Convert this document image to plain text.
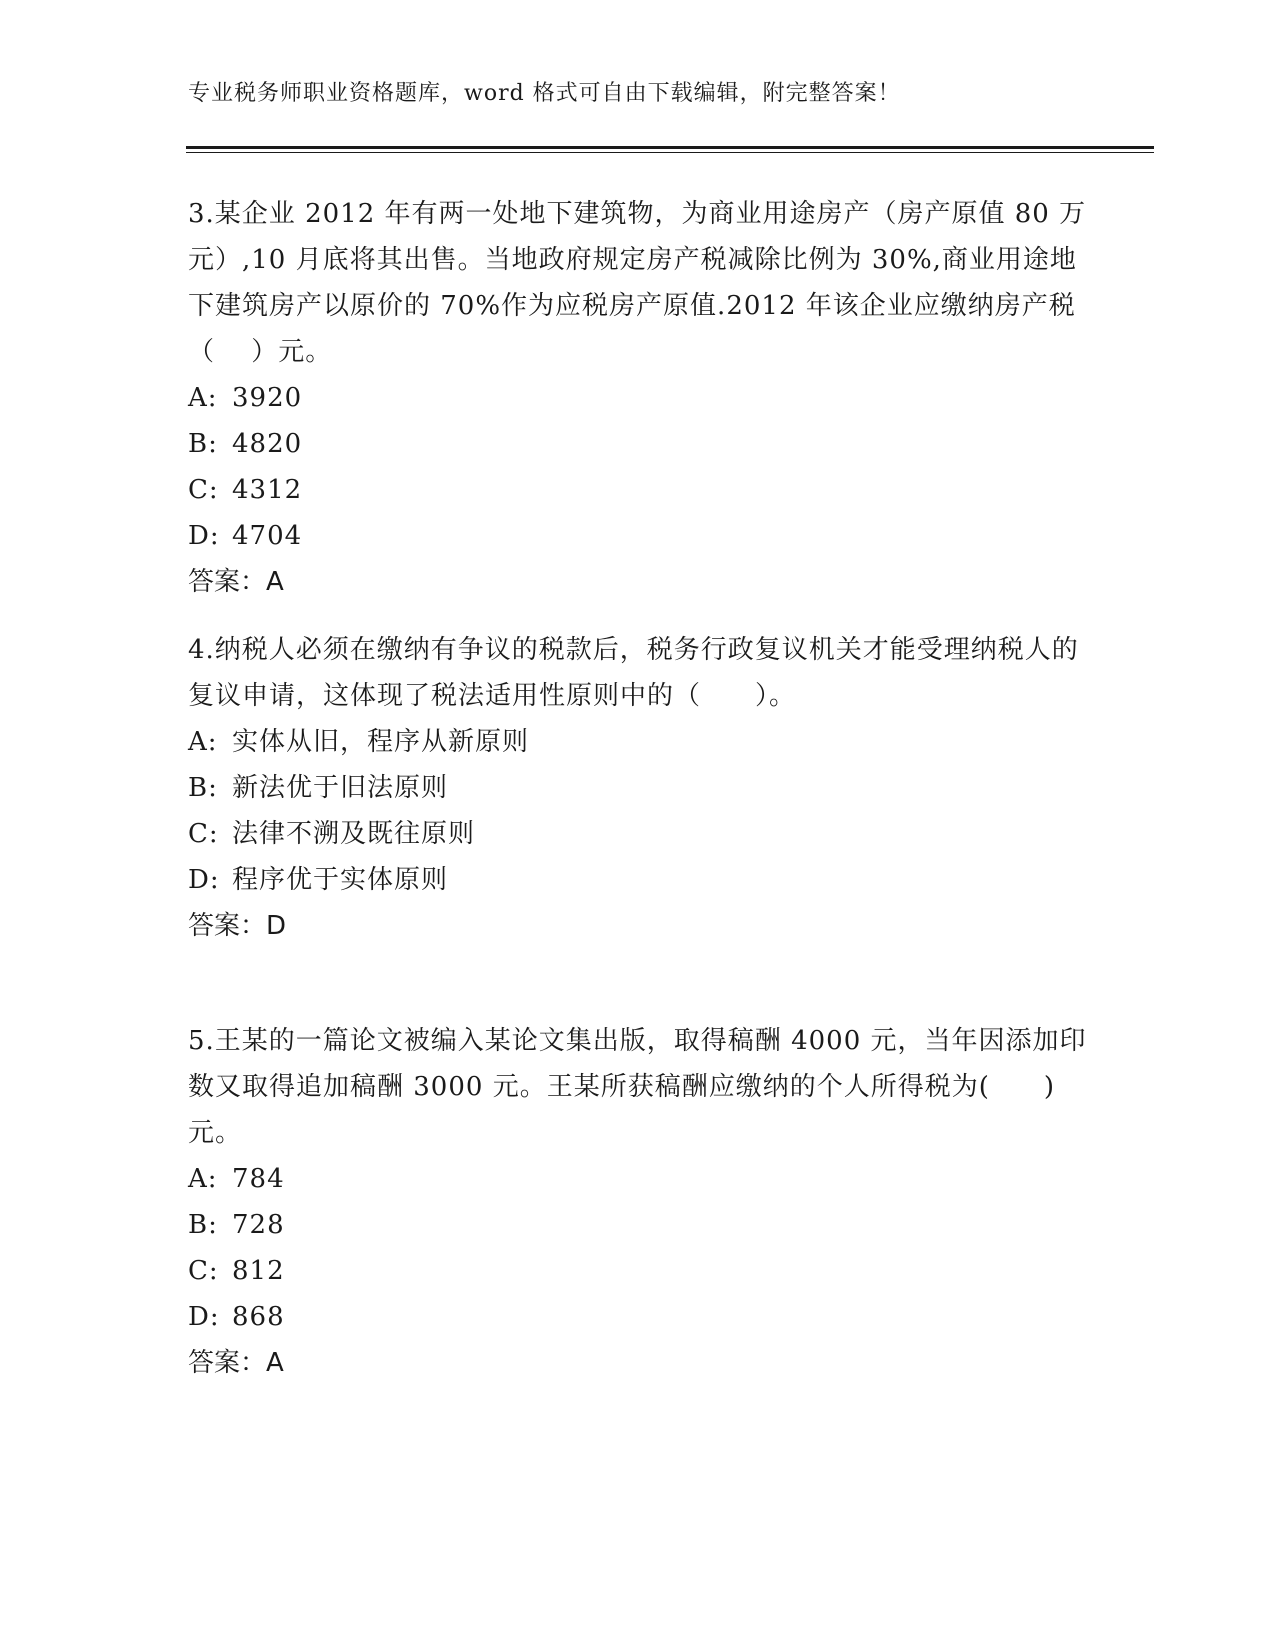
专业税务师职业资格题库，word 格式可自由下载编辑，附完整答案！

3.某企业 2012 年有两一处地下建筑物，为商业用途房产（房产原值 80 万元）,10 月底将其出售。当地政府规定房产税减除比例为 30%,商业用途地下建筑房产以原价的 70%作为应税房产原值.2012 年该企业应缴纳房产税（　 ）元。

A: 3920

B: 4820

C: 4312

D: 4704

答案：A

4.纳税人必须在缴纳有争议的税款后，税务行政复议机关才能受理纳税人的复议申请，这体现了税法适用性原则中的（　　）。

A: 实体从旧，程序从新原则

B: 新法优于旧法原则

C: 法律不溯及既往原则

D: 程序优于实体原则

答案：D

5.王某的一篇论文被编入某论文集出版，取得稿酬 4000 元，当年因添加印数又取得追加稿酬 3000 元。王某所获稿酬应缴纳的个人所得税为(　　)元。

A: 784

B: 728

C: 812

D: 868

答案：A
